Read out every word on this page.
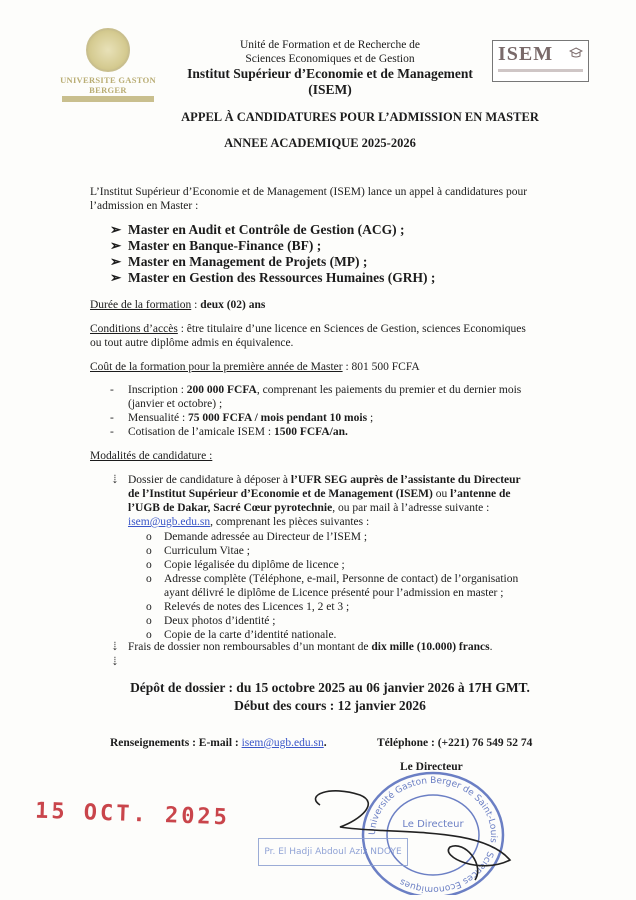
UNIVERSITE GASTON BERGER
ISEM
Unité de Formation et de Recherche de
Sciences Economiques et de Gestion
Institut Supérieur d’Economie et de Management
(ISEM)
APPEL À CANDIDATURES POUR L’ADMISSION EN MASTER
ANNEE ACADEMIQUE 2025-2026
L’Institut Supérieur d’Economie et de Management (ISEM) lance un appel à candidatures pour
l’admission en Master :
➢ Master en Audit et Contrôle de Gestion (ACG) ;
➢ Master en Banque-Finance (BF) ;
➢ Master en Management de Projets (MP) ;
➢ Master en Gestion des Ressources Humaines (GRH) ;
Durée de la formation : deux (02) ans
Conditions d’accès : être titulaire d’une licence en Sciences de Gestion, sciences Economiques
ou tout autre diplôme admis en équivalence.
Coût de la formation pour la première année de Master : 801 500 FCFA
-	Inscription : 200 000 FCFA, comprenant les paiements du premier et du dernier mois
(janvier et octobre) ;
-	Mensualité : 75 000 FCFA / mois pendant 10 mois ;
-	Cotisation de l’amicale ISEM : 1500 FCFA/an.
Modalités de candidature :
⇣ Dossier de candidature à déposer à l’UFR SEG auprès de l’assistante du Directeur
de l’Institut Supérieur d’Economie et de Management (ISEM) ou l’antenne de
l’UGB de Dakar, Sacré Cœur pyrotechnie, ou par mail à l’adresse suivante :
isem@ugb.edu.sn, comprenant les pièces suivantes :
o	Demande adressée au Directeur de l’ISEM ;
o	Curriculum Vitae ;
o	Copie légalisée du diplôme de licence ;
o	Adresse complète (Téléphone, e-mail, Personne de contact) de l’organisation
ayant délivré le diplôme de Licence présenté pour l’admission en master ;
o	Relevés de notes des Licences 1, 2 et 3 ;
o	Deux photos d’identité ;
o	Copie de la carte d’identité nationale.
⇣ Frais de dossier non remboursables d’un montant de dix mille (10.000) francs.
⇣
Dépôt de dossier : du 15 octobre 2025 au 06 janvier 2026 à 17H GMT.
Début des cours : 12 janvier 2026
Renseignements : E-mail : isem@ugb.edu.sn.	Téléphone : (+221) 76 549 52 74
Le Directeur
Université Gaston Berger de Saint-Louis · Sciences Economiques
Le Directeur
15 OCT. 2025
Pr. El Hadji Abdoul Aziz NDOYE
